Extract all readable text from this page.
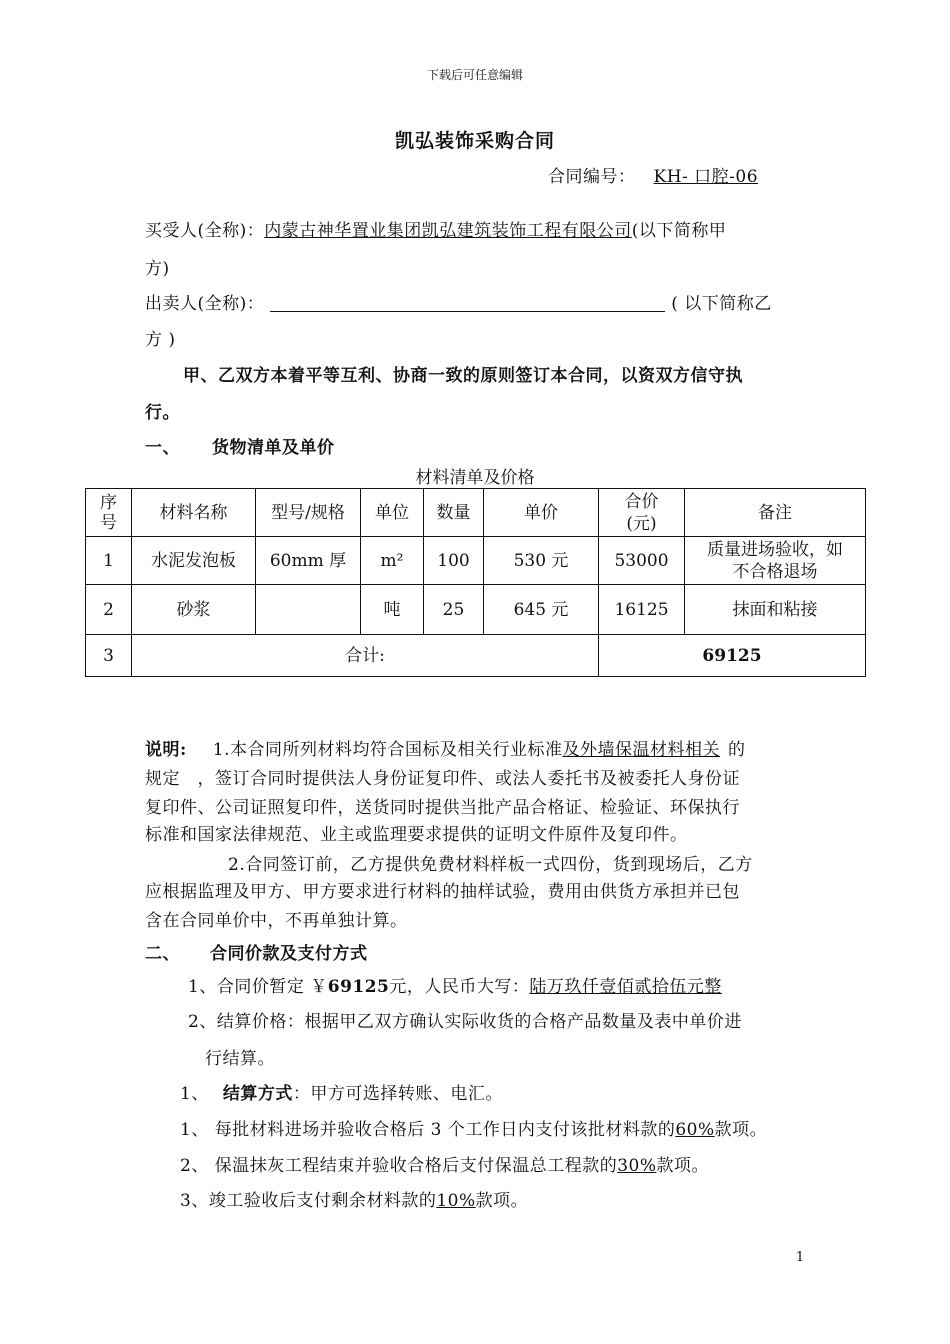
下载后可任意编辑
凯弘装饰采购合同
合同编号： KH- 口腔-06
买受人(全称)：内蒙古神华置业集团凯弘建筑装饰工程有限公司(以下简称甲
方)
出卖人(全称)：	( 以下简称乙
方 )
甲、乙双方本着平等互利、协商一致的原则签订本合同，以资双方信守执
行。
一、 货物清单及单价
材料清单及价格
序号	材料名称	型号/规格	单位	数量	单价	合价(元)	备注
1	水泥发泡板	60mm 厚	m²	100	530 元	53000	质量进场验收，如不合格退场
2	砂浆		吨	25	645 元	16125	抹面和粘接
3	合计:					69125	
说明: 1.本合同所列材料均符合国标及相关行业标准及外墙保温材料相关 的
规定　，签订合同时提供法人身份证复印件、或法人委托书及被委托人身份证
复印件、公司证照复印件，送货同时提供当批产品合格证、检验证、环保执行
标准和国家法律规范、业主或监理要求提供的证明文件原件及复印件。
2.合同签订前，乙方提供免费材料样板一式四份，货到现场后，乙方
应根据监理及甲方、甲方要求进行材料的抽样试验，费用由供货方承担并已包
含在合同单价中，不再单独计算。
二、 合同价款及支付方式
1、合同价暂定 ￥69125元，人民币大写：陆万玖仟壹佰贰拾伍元整
2、结算价格：根据甲乙双方确认实际收货的合格产品数量及表中单价进
行结算。
1、 结算方式：甲方可选择转账、电汇。
1、 每批材料进场并验收合格后 3 个工作日内支付该批材料款的60%款项。
2、 保温抹灰工程结束并验收合格后支付保温总工程款的30%款项。
3、竣工验收后支付剩余材料款的10%款项。
1
